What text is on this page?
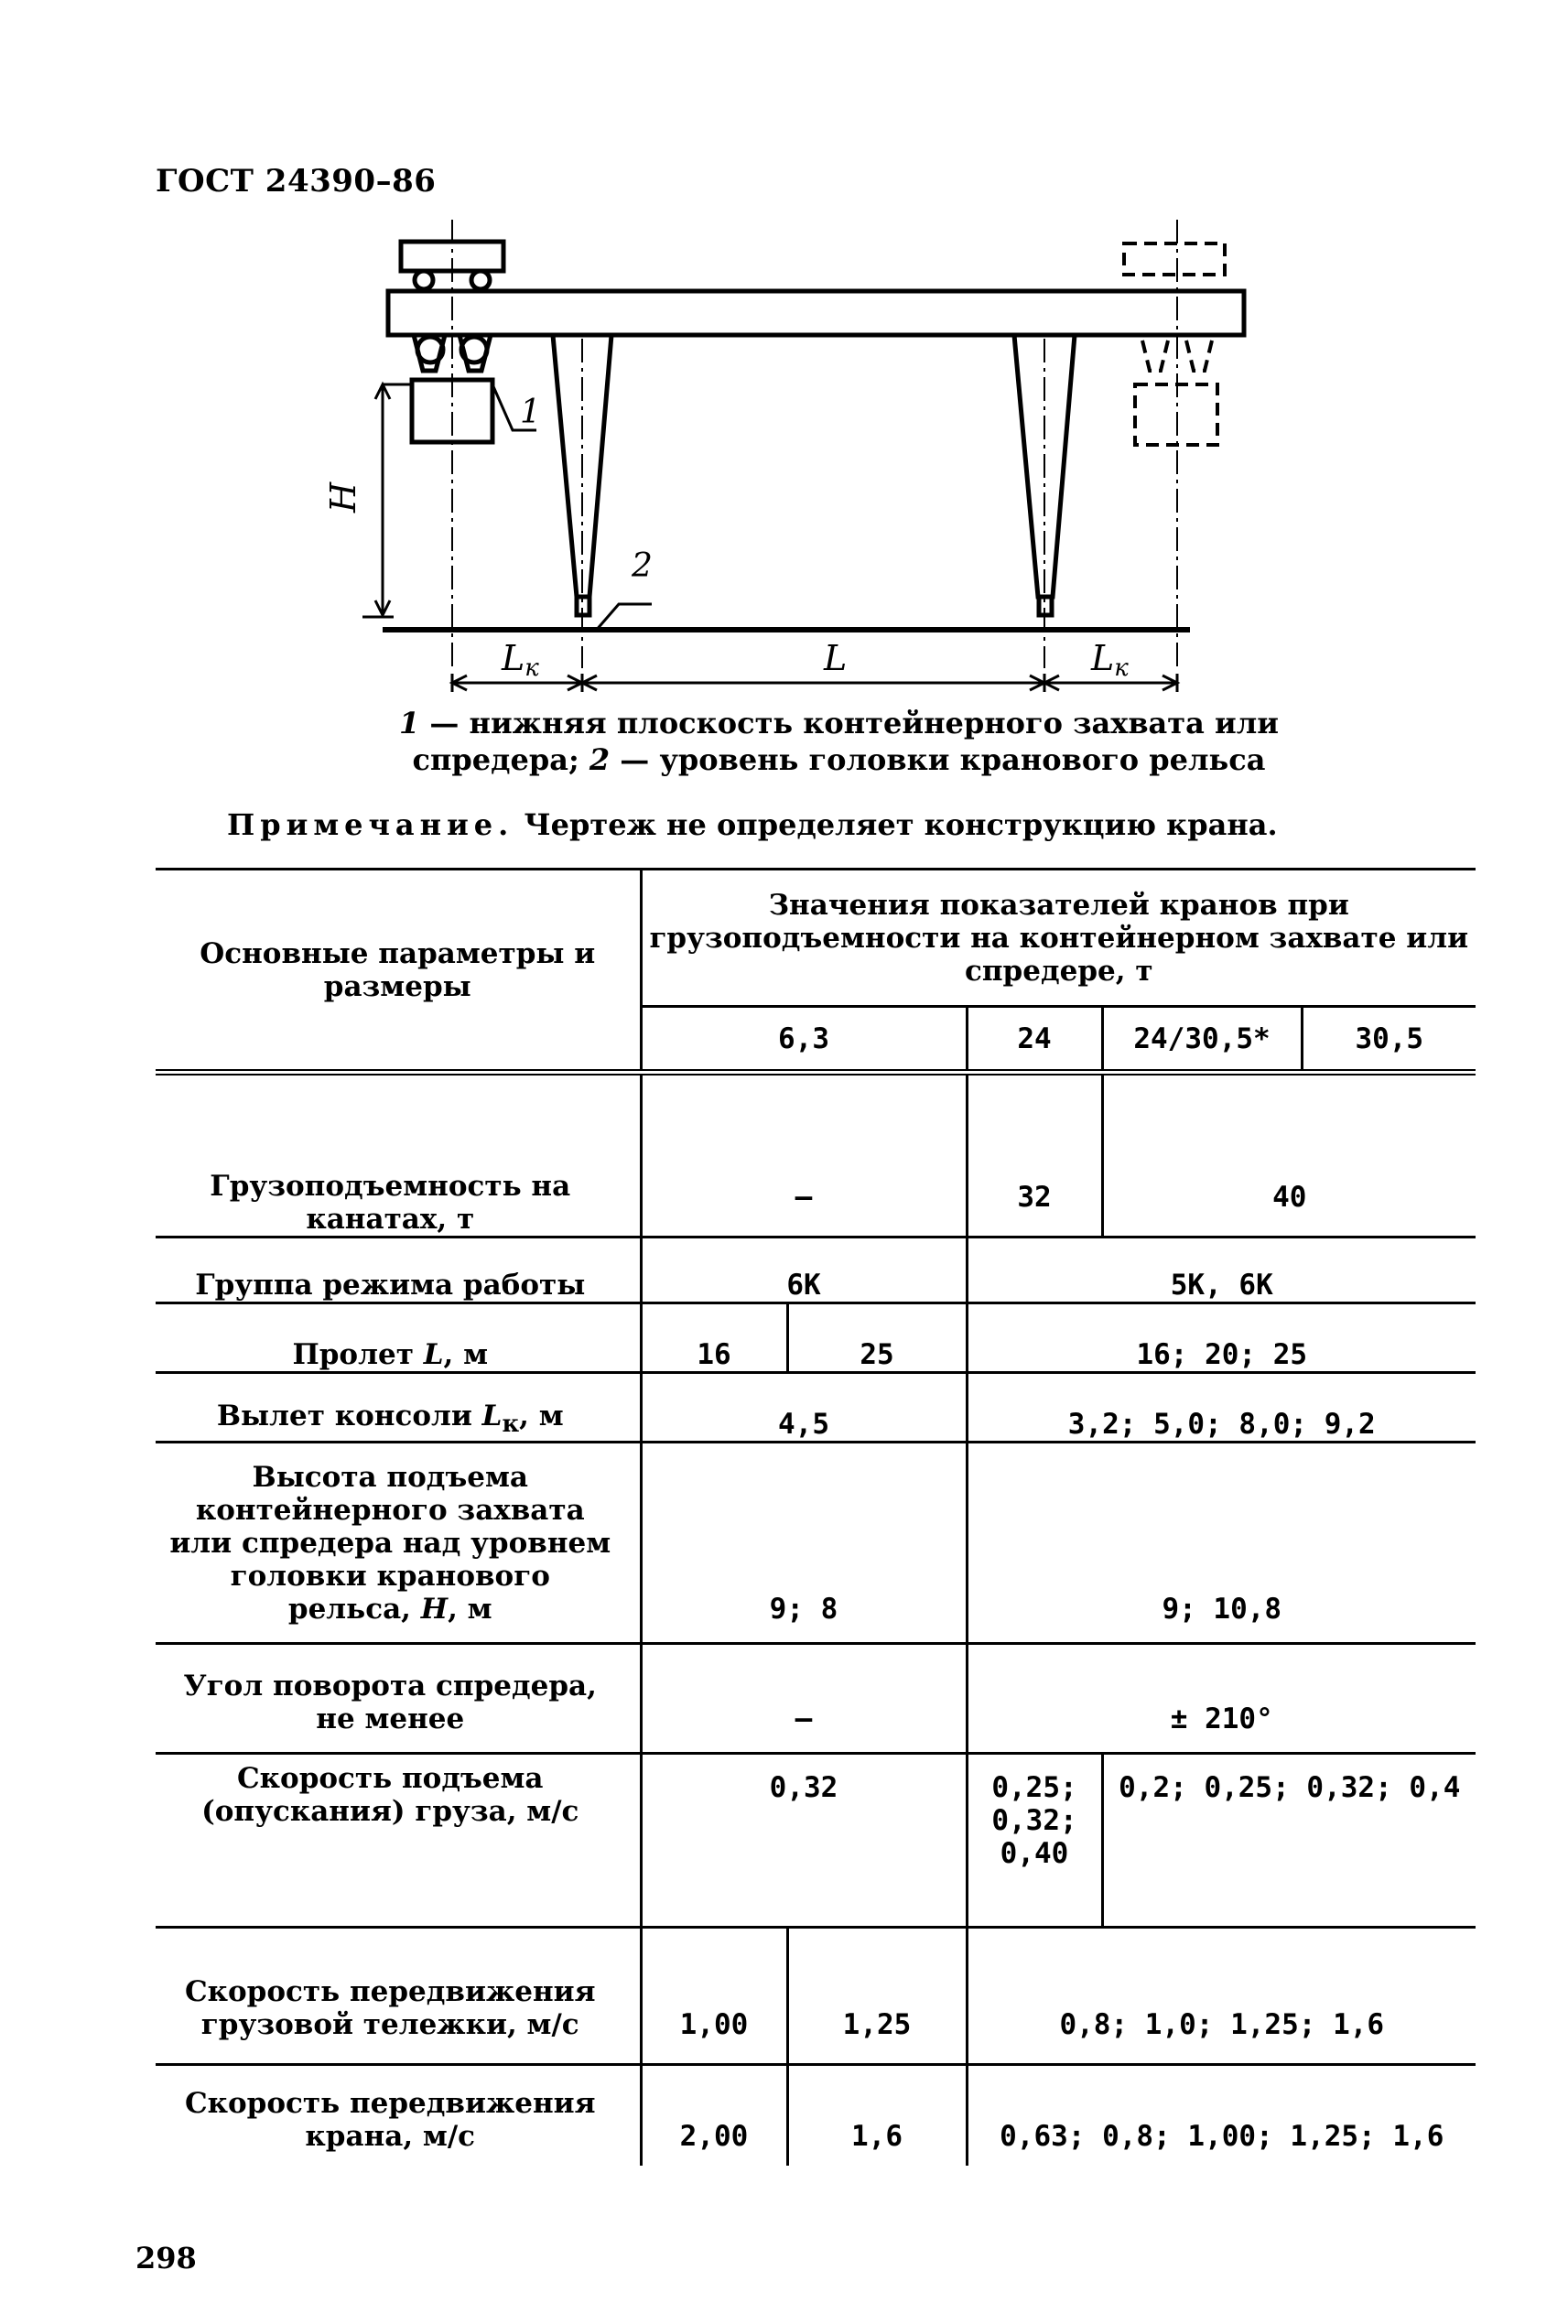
ГОСТ 24390–86
H
1
2
Lк	L	Lк
1 — нижняя плоскость контейнерного захвата или
спредера; 2 — уровень головки кранового рельса
Примечание. Чертеж не определяет конструкцию крана.
Основные параметры и размеры	Значения показателей кранов при грузоподъемности на контейнерном захвате или спредере, т				
	6,3		24	24/30,5*	30,5
Грузоподъемность на канатах, т	—		32	40	
Группа режима работы	6К		5К, 6К		
Пролет L, м	16	25	16; 20; 25		
Вылет консоли $L_к$, м	4,5		3,2; 5,0; 8,0; 9,2		
Высота подъема контейнерного захвата или спредера над уровнем головки кранового рельса, H, м	9; 8		9; 10,8		
Угол поворота спредера, не менее	—		± 210°		
Скорость подъема (опускания) груза, м/с	0,32		0,25; 0,32; 0,40	0,2; 0,25; 0,32; 0,4	
Скорость передвижения грузовой тележки, м/с	1,00	1,25	0,8; 1,0; 1,25; 1,6		
Скорость передвижения крана, м/с	2,00	1,6	0,63; 0,8; 1,00; 1,25; 1,6		
298
